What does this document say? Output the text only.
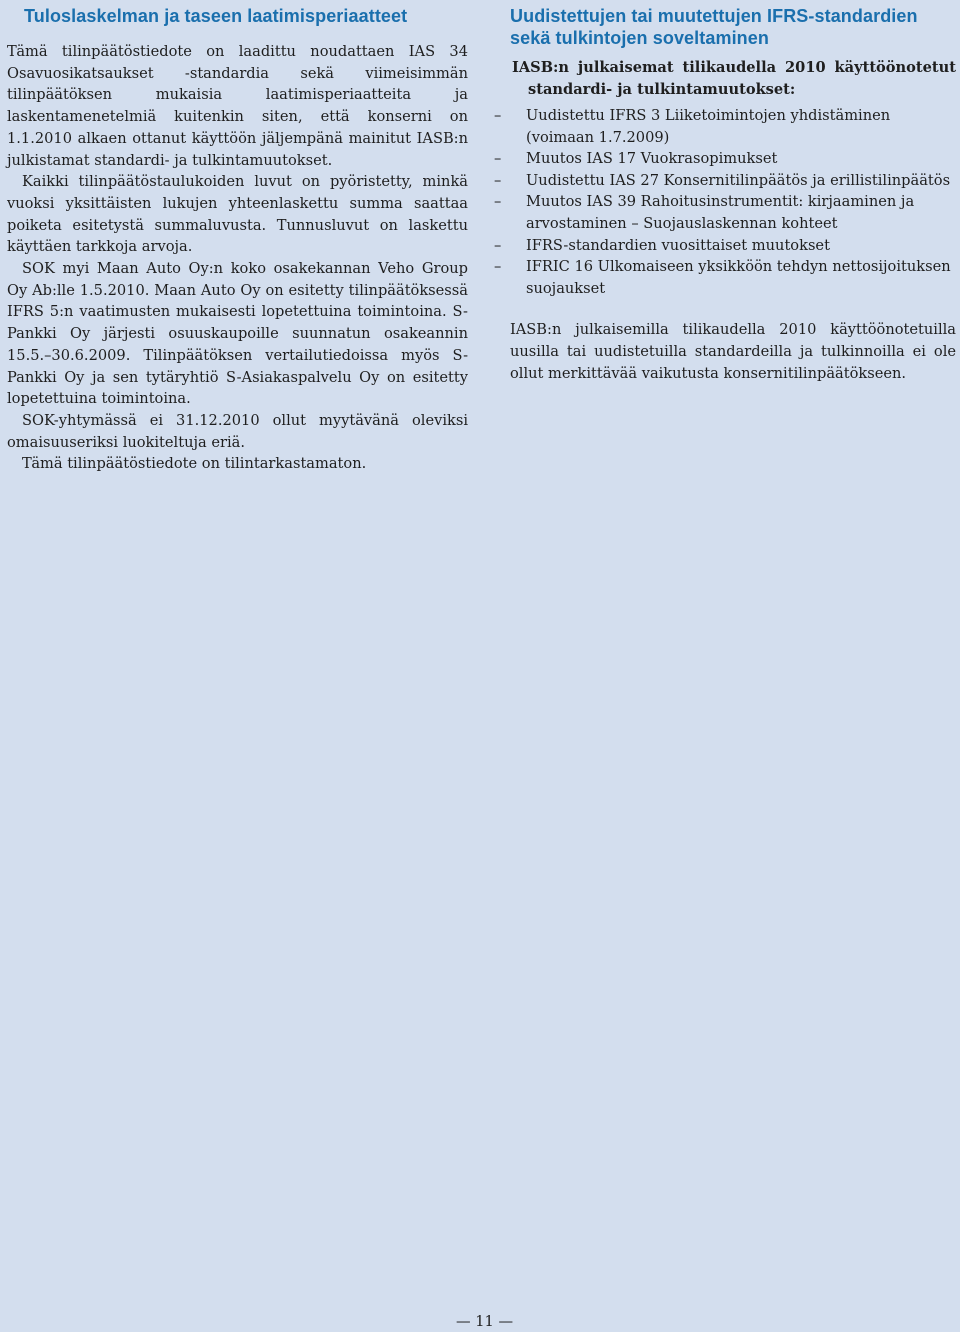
Tuloslaskelman ja taseen laatimisperiaatteet

Tämä tilinpäätöstiedote on laadittu noudattaen IAS 34 Osavuosikatsaukset -standardia sekä viimeisimmän tilinpäätöksen mukaisia laatimisperiaatteita ja laskentamenetelmiä kuitenkin siten, että konserni on 1.1.2010 alkaen ottanut käyttöön jäljempänä mainitut IASB:n julkistamat standardi- ja tulkintamuutokset.

Kaikki tilinpäätöstaulukoiden luvut on pyöristetty, minkä vuoksi yksittäisten lukujen yhteenlaskettu summa saattaa poiketa esitetystä summaluvusta. Tunnusluvut on laskettu käyttäen tarkkoja arvoja.

SOK myi Maan Auto Oy:n koko osakekannan Veho Group Oy Ab:lle 1.5.2010. Maan Auto Oy on esitetty tilinpäätöksessä IFRS 5:n vaatimusten mukaisesti lopetettuina toimintoina. S-Pankki Oy järjesti osuuskaupoille suunnatun osakeannin 15.5.–30.6.2009. Tilinpäätöksen vertailutiedoissa myös S-Pankki Oy ja sen tytäryhtiö S-Asiakaspalvelu Oy on esitetty lopetettuina toimintoina.

SOK-yhtymässä ei 31.12.2010 ollut myytävänä oleviksi omaisuuseriksi luokiteltuja eriä.

Tämä tilinpäätöstiedote on tilintarkastamaton.

Uudistettujen tai muutettujen IFRS-standardien sekä tulkintojen soveltaminen

IASB:n julkaisemat tilikaudella 2010 käyttöönotetut
standardi- ja tulkintamuutokset:

– Uudistettu IFRS 3 Liiketoimintojen yhdistäminen (voimaan 1.7.2009)
– Muutos IAS 17 Vuokrasopimukset
– Uudistettu IAS 27 Konsernitilinpäätös ja erillistilinpäätös
– Muutos IAS 39 Rahoitusinstrumentit: kirjaaminen ja arvostaminen – Suojauslaskennan kohteet
– IFRS-standardien vuosittaiset muutokset
– IFRIC 16 Ulkomaiseen yksikköön tehdyn nettosijoituksen suojaukset

IASB:n julkaisemilla tilikaudella 2010 käyttöönotetuilla uusilla tai uudistetuilla standardeilla ja tulkinnoilla ei ole ollut merkittävää vaikutusta konsernitilinpäätökseen.

— 11 —
